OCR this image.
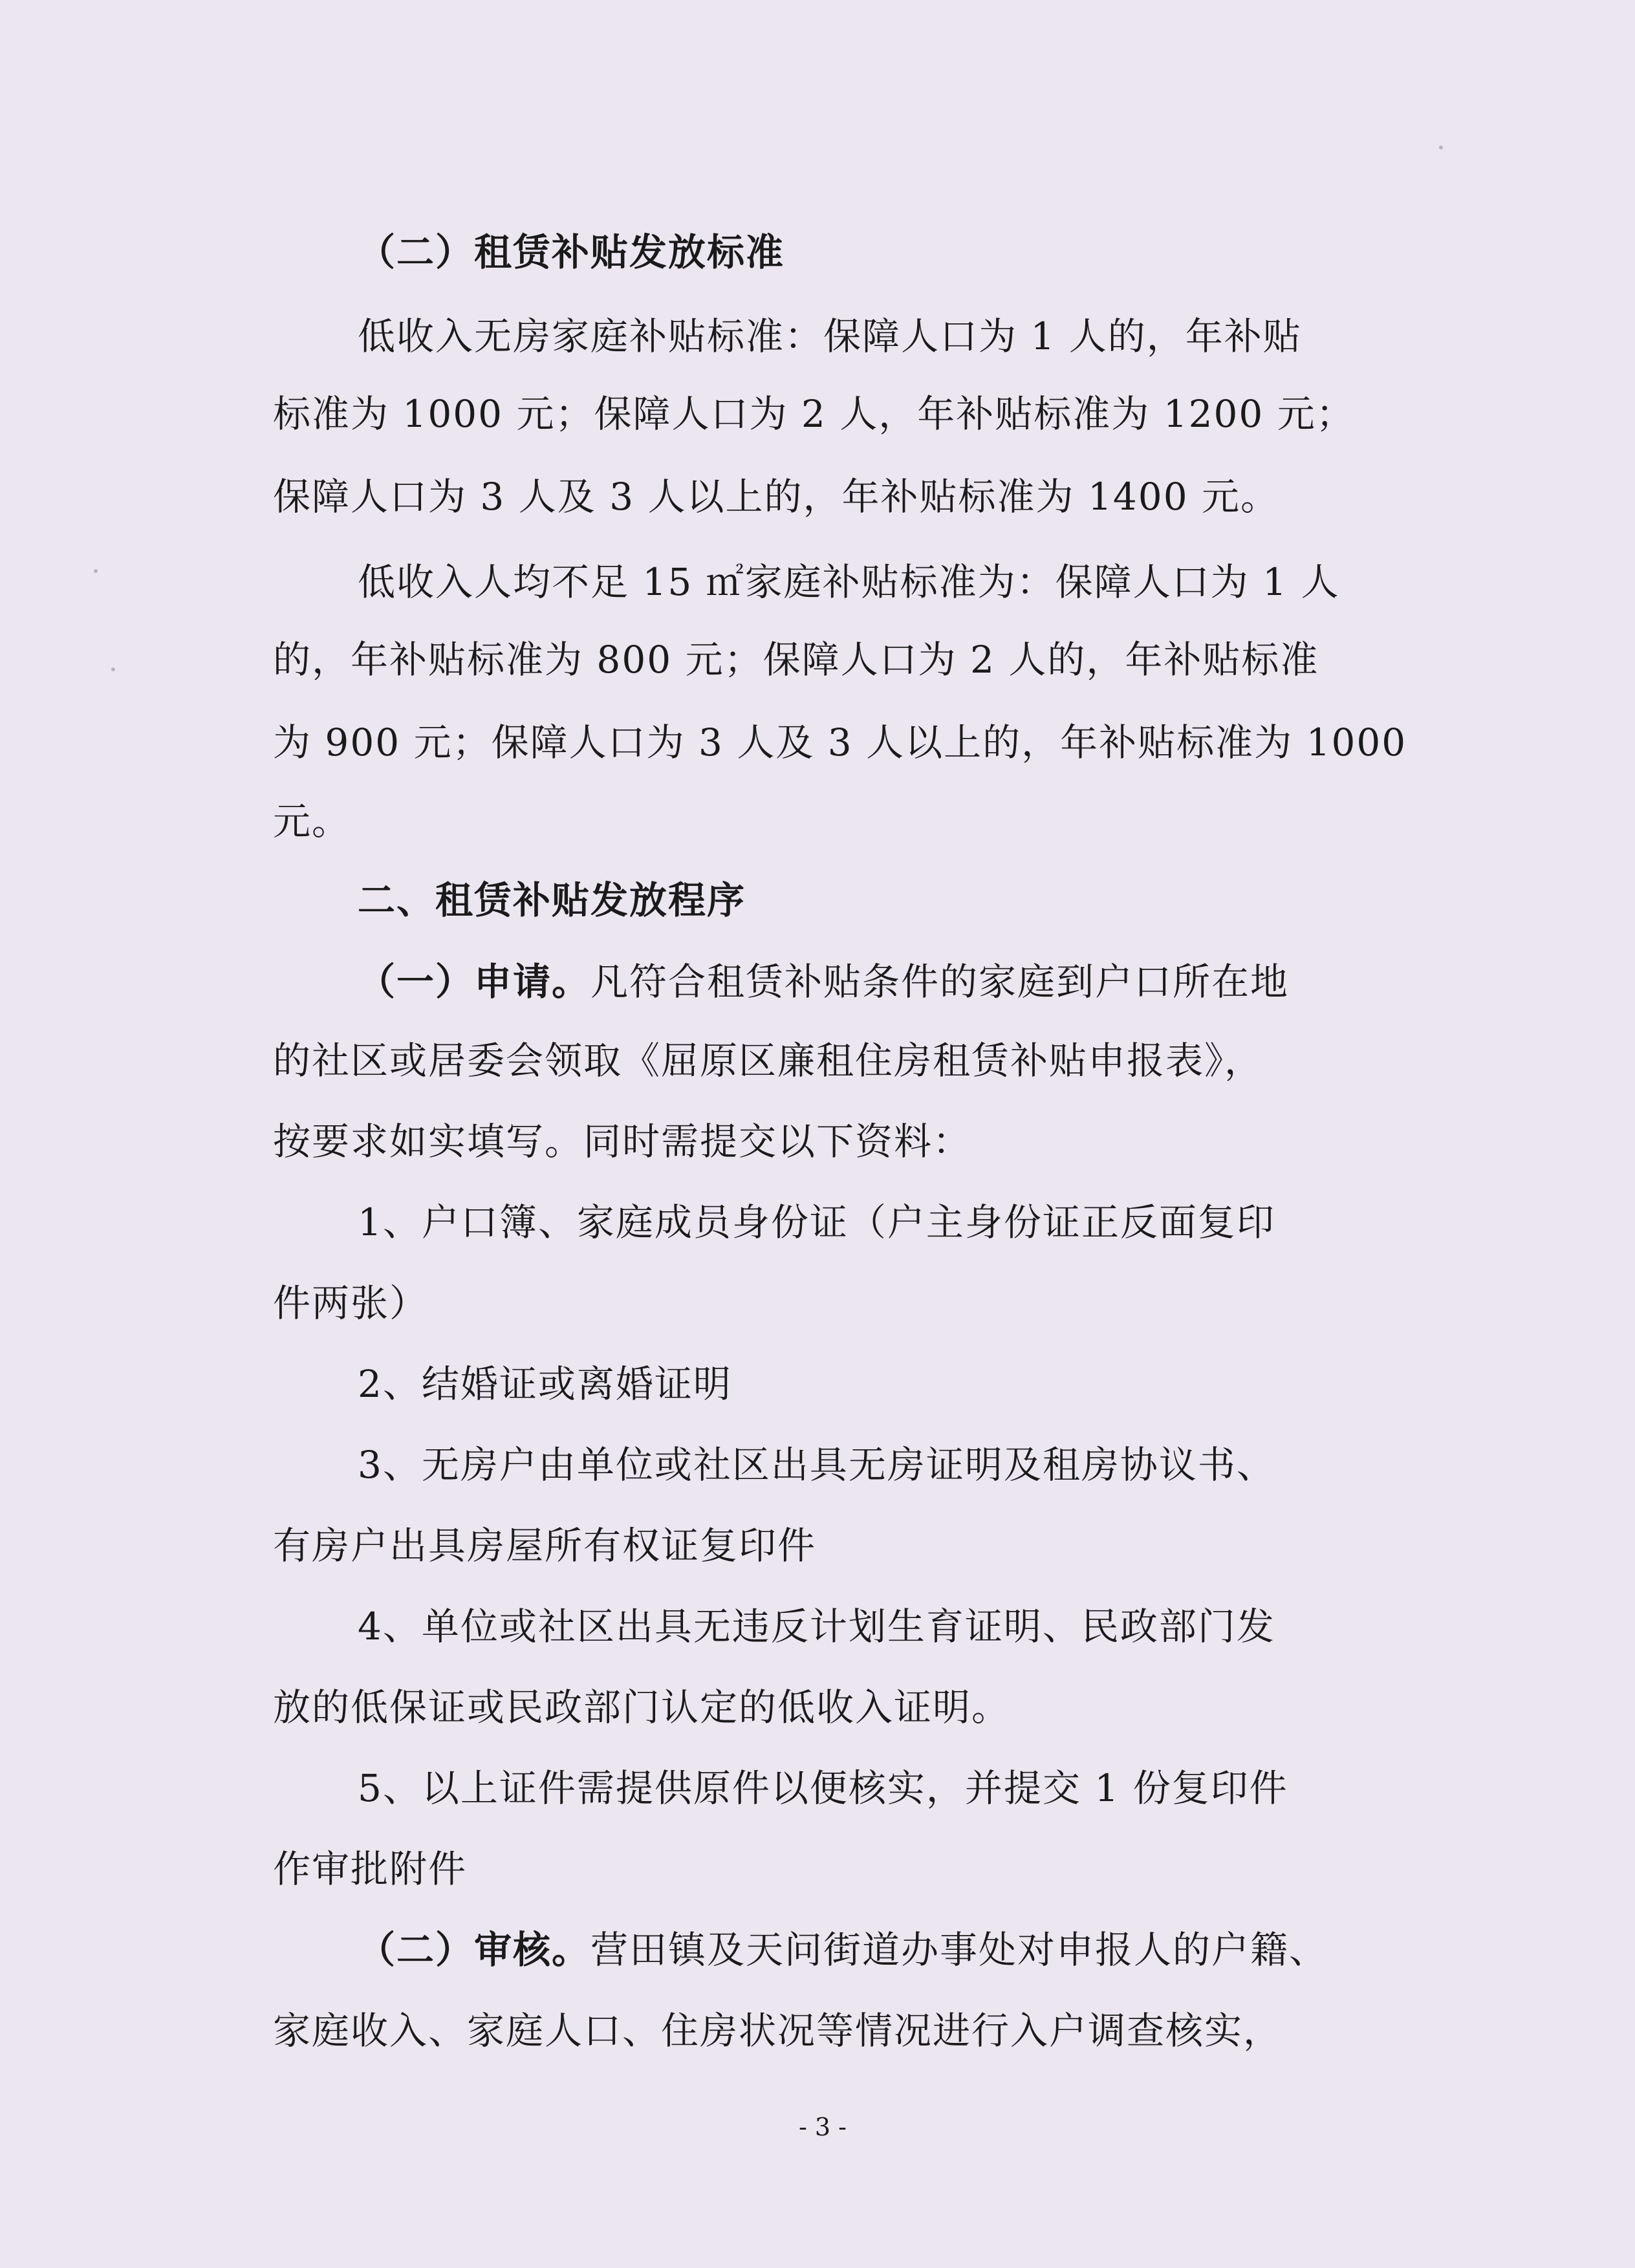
（二）租赁补贴发放标准
低收入无房家庭补贴标准：保障人口为 1 人的，年补贴
标准为 1000 元；保障人口为 2 人，年补贴标准为 1200 元；
保障人口为 3 人及 3 人以上的，年补贴标准为 1400 元。
低收入人均不足 15 ㎡家庭补贴标准为：保障人口为 1 人
的，年补贴标准为 800 元；保障人口为 2 人的，年补贴标准
为 900 元；保障人口为 3 人及 3 人以上的，年补贴标准为 1000
元。
二、租赁补贴发放程序
（一）申请。凡符合租赁补贴条件的家庭到户口所在地
的社区或居委会领取《屈原区廉租住房租赁补贴申报表》，
按要求如实填写。同时需提交以下资料：
1、户口簿、家庭成员身份证（户主身份证正反面复印
件两张）
2、结婚证或离婚证明
3、无房户由单位或社区出具无房证明及租房协议书、
有房户出具房屋所有权证复印件
4、单位或社区出具无违反计划生育证明、民政部门发
放的低保证或民政部门认定的低收入证明。
5、以上证件需提供原件以便核实，并提交 1 份复印件
作审批附件
（二）审核。营田镇及天问街道办事处对申报人的户籍、
家庭收入、家庭人口、住房状况等情况进行入户调查核实，
- 3 -
